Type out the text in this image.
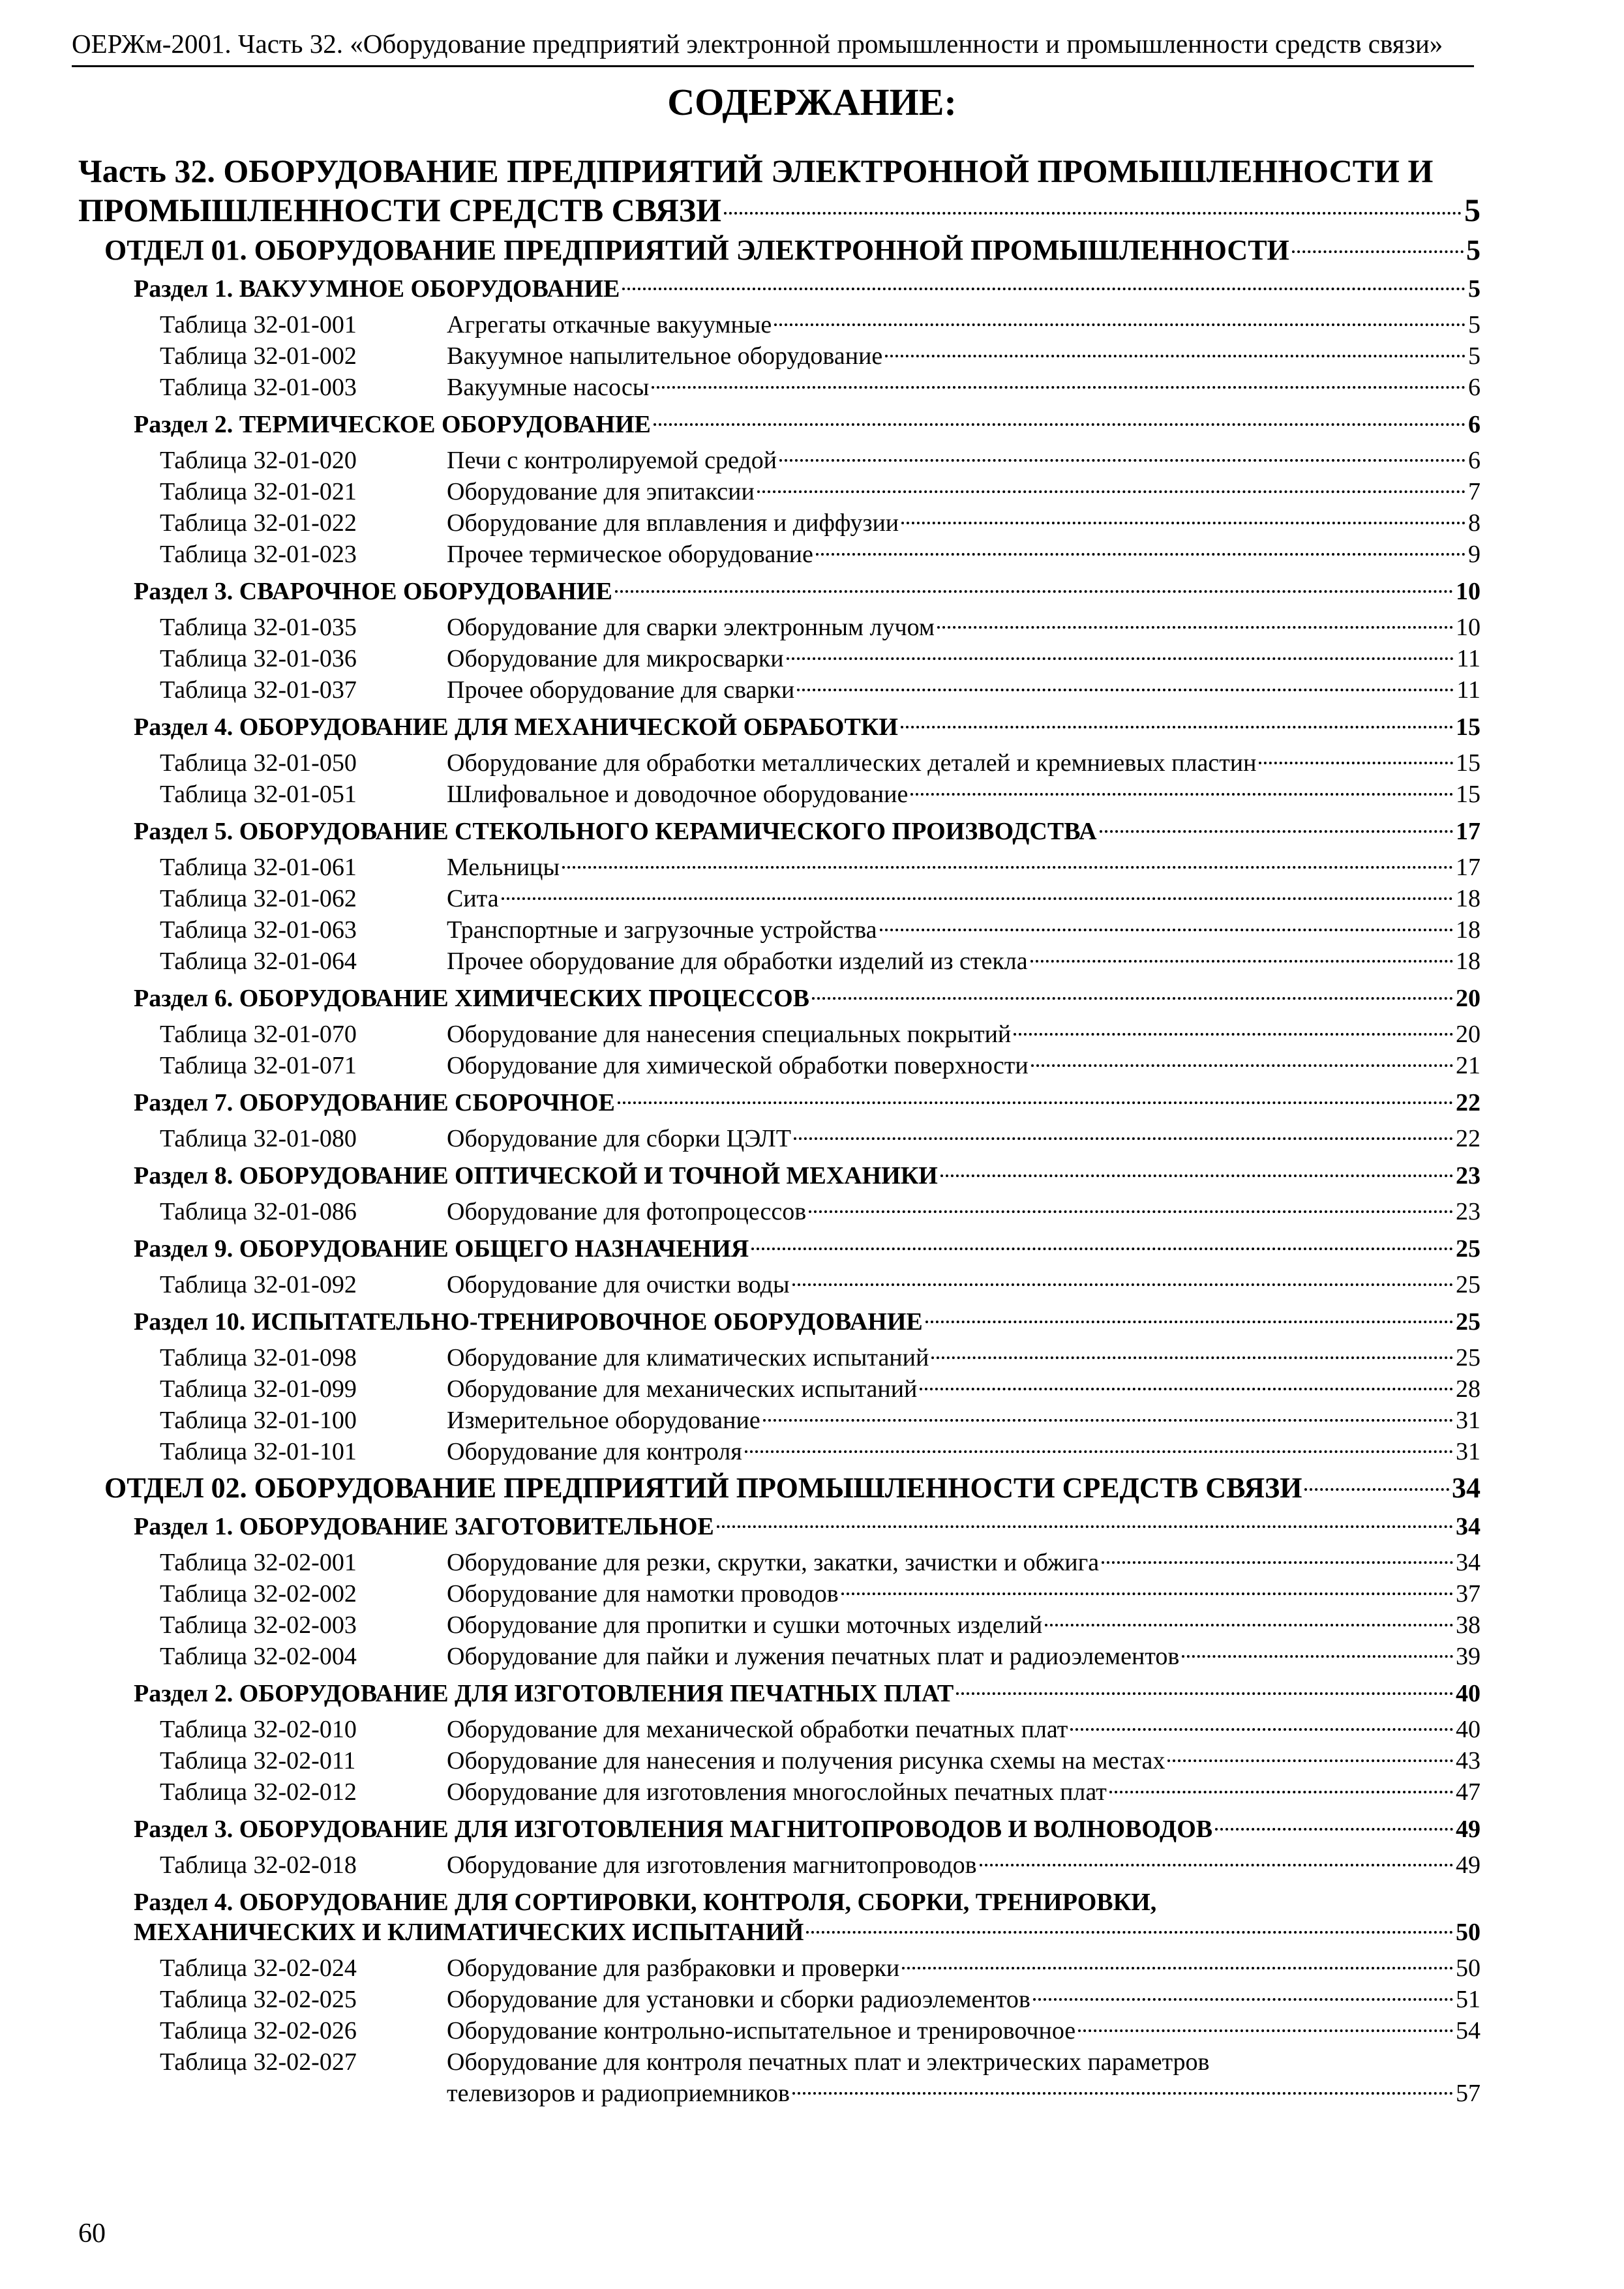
ОЕРЖм-2001. Часть 32. «Оборудование предприятий электронной промышленности и промышленности средств связи»
СОДЕРЖАНИЕ:
Часть 32. ОБОРУДОВАНИЕ ПРЕДПРИЯТИЙ ЭЛЕКТРОННОЙ ПРОМЫШЛЕННОСТИ И
ПРОМЫШЛЕННОСТИ СРЕДСТВ СВЯЗИ	5
ОТДЕЛ 01. ОБОРУДОВАНИЕ ПРЕДПРИЯТИЙ ЭЛЕКТРОННОЙ ПРОМЫШЛЕННОСТИ	5
Раздел 1. ВАКУУМНОЕ ОБОРУДОВАНИЕ	5
Таблица 32-01-001	Агрегаты откачные вакуумные	5
Таблица 32-01-002	Вакуумное напылительное оборудование	5
Таблица 32-01-003	Вакуумные насосы	6
Раздел 2. ТЕРМИЧЕСКОЕ ОБОРУДОВАНИЕ	6
Таблица 32-01-020	Печи с контролируемой средой	6
Таблица 32-01-021	Оборудование для эпитаксии	7
Таблица 32-01-022	Оборудование для вплавления и диффузии	8
Таблица 32-01-023	Прочее термическое оборудование	9
Раздел 3. СВАРОЧНОЕ ОБОРУДОВАНИЕ	10
Таблица 32-01-035	Оборудование для сварки электронным лучом	10
Таблица 32-01-036	Оборудование для микросварки	11
Таблица 32-01-037	Прочее оборудование для сварки	11
Раздел 4. ОБОРУДОВАНИЕ ДЛЯ МЕХАНИЧЕСКОЙ ОБРАБОТКИ	15
Таблица 32-01-050	Оборудование для обработки металлических деталей и кремниевых пластин	15
Таблица 32-01-051	Шлифовальное и доводочное оборудование	15
Раздел 5. ОБОРУДОВАНИЕ СТЕКОЛЬНОГО КЕРАМИЧЕСКОГО ПРОИЗВОДСТВА	17
Таблица 32-01-061	Мельницы	17
Таблица 32-01-062	Сита	18
Таблица 32-01-063	Транспортные и загрузочные устройства	18
Таблица 32-01-064	Прочее оборудование для обработки изделий из стекла	18
Раздел 6. ОБОРУДОВАНИЕ ХИМИЧЕСКИХ ПРОЦЕССОВ	20
Таблица 32-01-070	Оборудование для нанесения специальных покрытий	20
Таблица 32-01-071	Оборудование для химической обработки поверхности	21
Раздел 7. ОБОРУДОВАНИЕ СБОРОЧНОЕ	22
Таблица 32-01-080	Оборудование для сборки ЦЭЛТ	22
Раздел 8. ОБОРУДОВАНИЕ ОПТИЧЕСКОЙ И ТОЧНОЙ МЕХАНИКИ	23
Таблица 32-01-086	Оборудование для фотопроцессов	23
Раздел 9. ОБОРУДОВАНИЕ ОБЩЕГО НАЗНАЧЕНИЯ	25
Таблица 32-01-092	Оборудование для очистки воды	25
Раздел 10. ИСПЫТАТЕЛЬНО-ТРЕНИРОВОЧНОЕ ОБОРУДОВАНИЕ	25
Таблица 32-01-098	Оборудование для климатических испытаний	25
Таблица 32-01-099	Оборудование для механических испытаний	28
Таблица 32-01-100	Измерительное оборудование	31
Таблица 32-01-101	Оборудование для контроля	31
ОТДЕЛ 02. ОБОРУДОВАНИЕ ПРЕДПРИЯТИЙ ПРОМЫШЛЕННОСТИ СРЕДСТВ СВЯЗИ	34
Раздел 1. ОБОРУДОВАНИЕ ЗАГОТОВИТЕЛЬНОЕ	34
Таблица 32-02-001	Оборудование для резки, скрутки, закатки, зачистки и обжига	34
Таблица 32-02-002	Оборудование для намотки проводов	37
Таблица 32-02-003	Оборудование для пропитки и сушки моточных изделий	38
Таблица 32-02-004	Оборудование для пайки и лужения печатных плат и радиоэлементов	39
Раздел 2. ОБОРУДОВАНИЕ ДЛЯ ИЗГОТОВЛЕНИЯ ПЕЧАТНЫХ ПЛАТ	40
Таблица 32-02-010	Оборудование для механической обработки печатных плат	40
Таблица 32-02-011	Оборудование для нанесения и получения рисунка схемы на местах	43
Таблица 32-02-012	Оборудование для изготовления многослойных печатных плат	47
Раздел 3. ОБОРУДОВАНИЕ ДЛЯ ИЗГОТОВЛЕНИЯ МАГНИТОПРОВОДОВ И ВОЛНОВОДОВ	49
Таблица 32-02-018	Оборудование для изготовления магнитопроводов	49
Раздел 4. ОБОРУДОВАНИЕ ДЛЯ СОРТИРОВКИ, КОНТРОЛЯ, СБОРКИ, ТРЕНИРОВКИ,
МЕХАНИЧЕСКИХ И КЛИМАТИЧЕСКИХ ИСПЫТАНИЙ	50
Таблица 32-02-024	Оборудование для разбраковки и проверки	50
Таблица 32-02-025	Оборудование для установки и сборки радиоэлементов	51
Таблица 32-02-026	Оборудование контрольно-испытательное и тренировочное	54
Таблица 32-02-027	Оборудование для контроля печатных плат и электрических параметров
телевизоров и радиоприемников	57
60
